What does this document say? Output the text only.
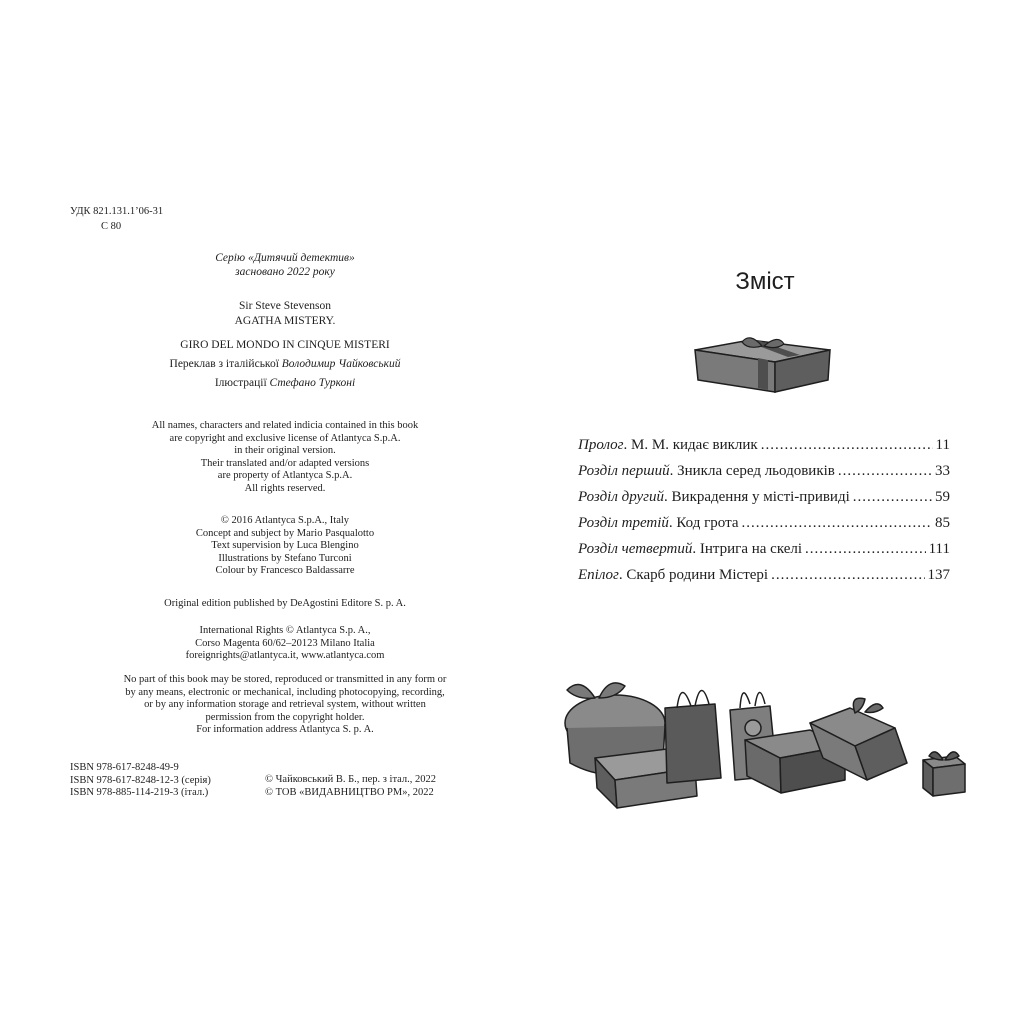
УДК 821.131.1’06-31
С 80
Серію «Дитячий детектив»
засновано 2022 року
Sir Steve Stevenson
AGATHA MISTERY.
GIRO DEL MONDO IN CINQUE MISTERI
Переклав з італійської Володимир Чайковський
Ілюстрації Стефано Турконі
All names, characters and related indicia contained in this book
are copyright and exclusive license of Atlantyca S.p.A.
in their original version.
Their translated and/or adapted versions
are property of Atlantyca S.p.A.
All rights reserved.
© 2016 Atlantyca S.p.A., Italy
Concept and subject by Mario Pasqualotto
Text supervision by Luca Blengino
Illustrations by Stefano Turconi
Colour by Francesco Baldassarre
Original edition published by DeAgostini Editore S. p. A.
International Rights © Atlantyca S.p. A.,
Corso Magenta 60/62–20123 Milano Italia
foreignrights@atlantyca.it, www.atlantyca.com
No part of this book may be stored, reproduced or transmitted in any form or
by any means, electronic or mechanical, including photocopying, recording,
or by any information storage and retrieval system, without written
permission from the copyright holder.
For information address Atlantyca S. p. A.
ISBN 978-617-8248-49-9
ISBN 978-617-8248-12-3 (серія)
ISBN 978-885-114-219-3 (італ.)
© Чайковський В. Б., пер. з італ., 2022
© ТОВ «ВИДАВНИЦТВО РМ», 2022
Зміст
Пролог . М. М. кидає виклик .....	11
Розділ перший . Зникла серед льодовиків .....	33
Розділ другий . Викрадення у місті-привиді .....	59
Розділ третій . Код грота .....	85
Розділ четвертий . Інтрига на скелі .....	111
Епілог . Скарб родини Містері .....	137
